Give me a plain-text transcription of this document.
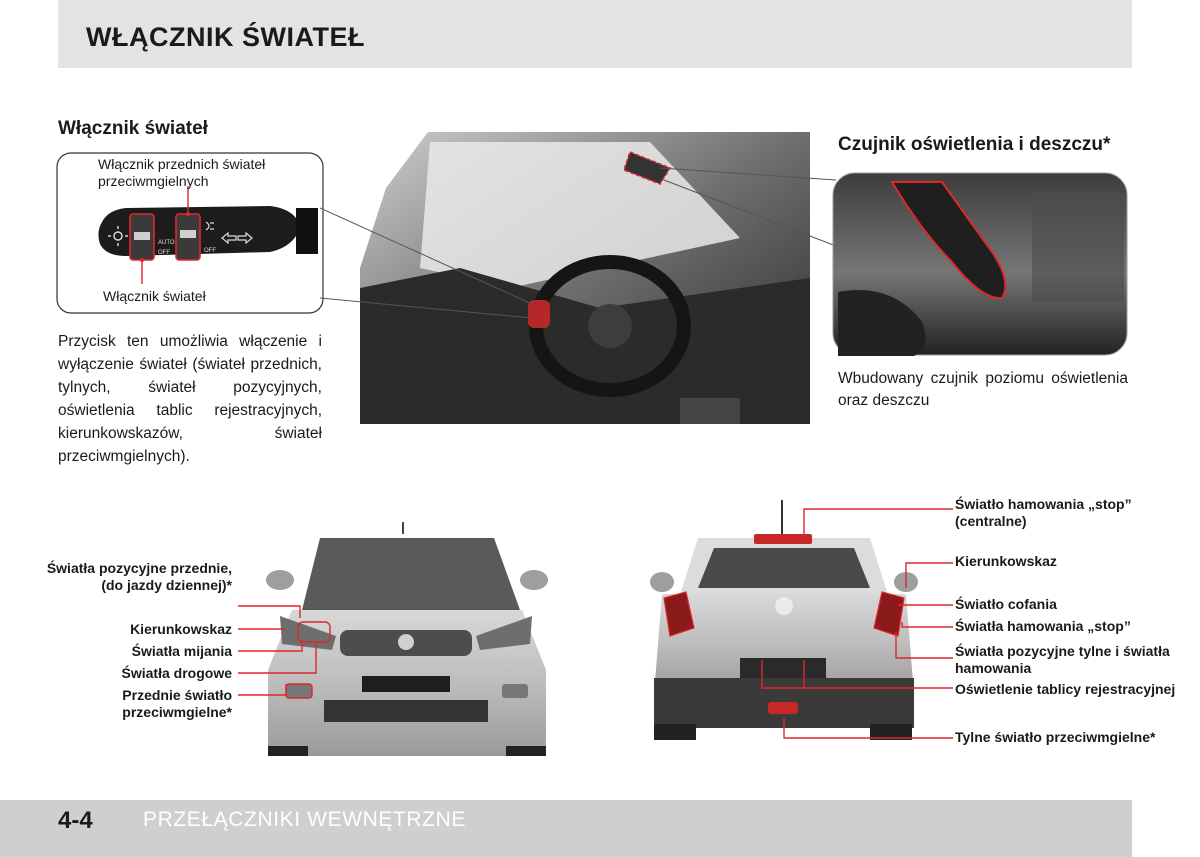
WŁĄCZNIK ŚWIATEŁ
Włącznik świateł
AUTO
OFF	OFF
Włącznik przednich świateł przeciwmgielnych
Włącznik świateł
Przycisk ten umożliwia włączenie i wyłączenie świateł (świateł przednich, tylnych, świateł pozycyjnych, oświetlenia tablic rejestracyjnych, kierunkowskazów, świateł przeciwmgielnych).
Czujnik oświetlenia i deszczu*
Wbudowany czujnik poziomu oświetlenia oraz deszczu
Światła pozycyjne przednie, (do jazdy dziennej)*
Kierunkowskaz
Światła mijania
Światła drogowe
Przednie światło przeciwmgielne*
Światło hamowania „stop” (centralne)
Kierunkowskaz
Światło cofania
Światła hamowania „stop”
Światła pozycyjne tylne i światła hamowania
Oświetlenie tablicy rejestracyjnej
Tylne światło przeciwmgielne*
4-4 PRZEŁĄCZNIKI WEWNĘTRZNE
